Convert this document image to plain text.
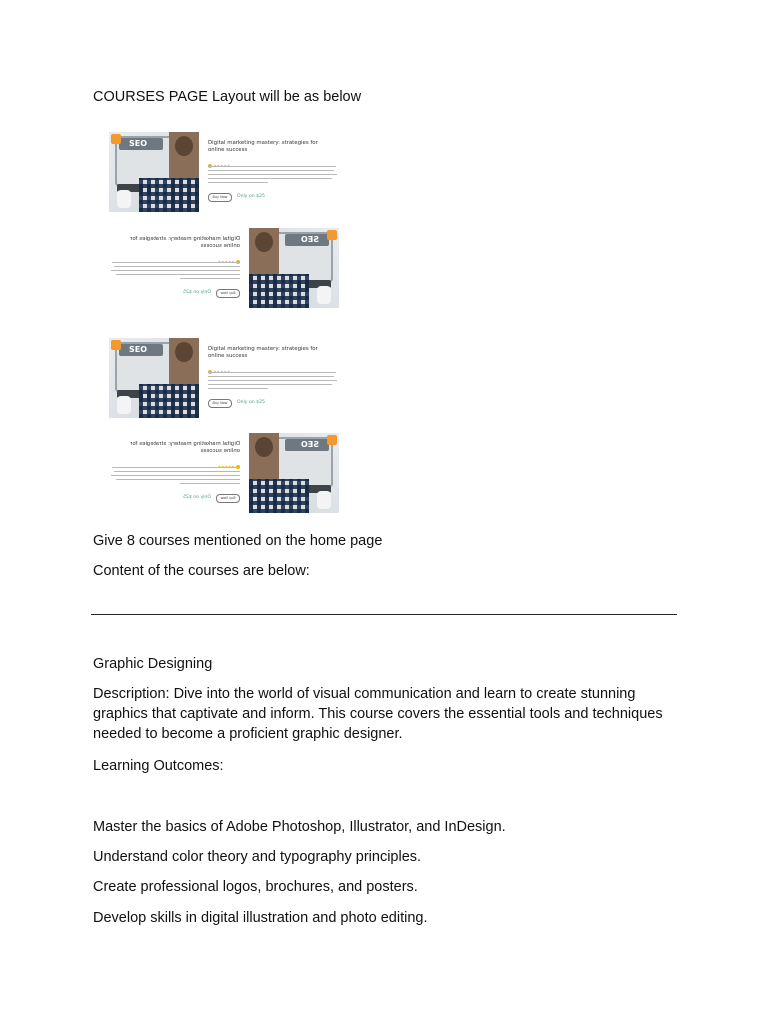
COURSES PAGE Layout will be as below

SEO	Digital marketing mastery: strategies for online success
Buy Now	Only on $25
SEO
Digital marketing mastery: strategies for online success
Buy Now
Only on $25
SEO	Digital marketing mastery: strategies for online success
Buy Now	Only on $25
SEO
Digital marketing mastery: strategies for online success
Buy Now
Only on $25

Give 8 courses mentioned on the home page

Content of the courses are below:

Graphic Designing

Description: Dive into the world of visual communication and learn to create stunning graphics that captivate and inform. This course covers the essential tools and techniques needed to become a proficient graphic designer.

Learning Outcomes:

Master the basics of Adobe Photoshop, Illustrator, and InDesign.

Understand color theory and typography principles.

Create professional logos, brochures, and posters.

Develop skills in digital illustration and photo editing.
